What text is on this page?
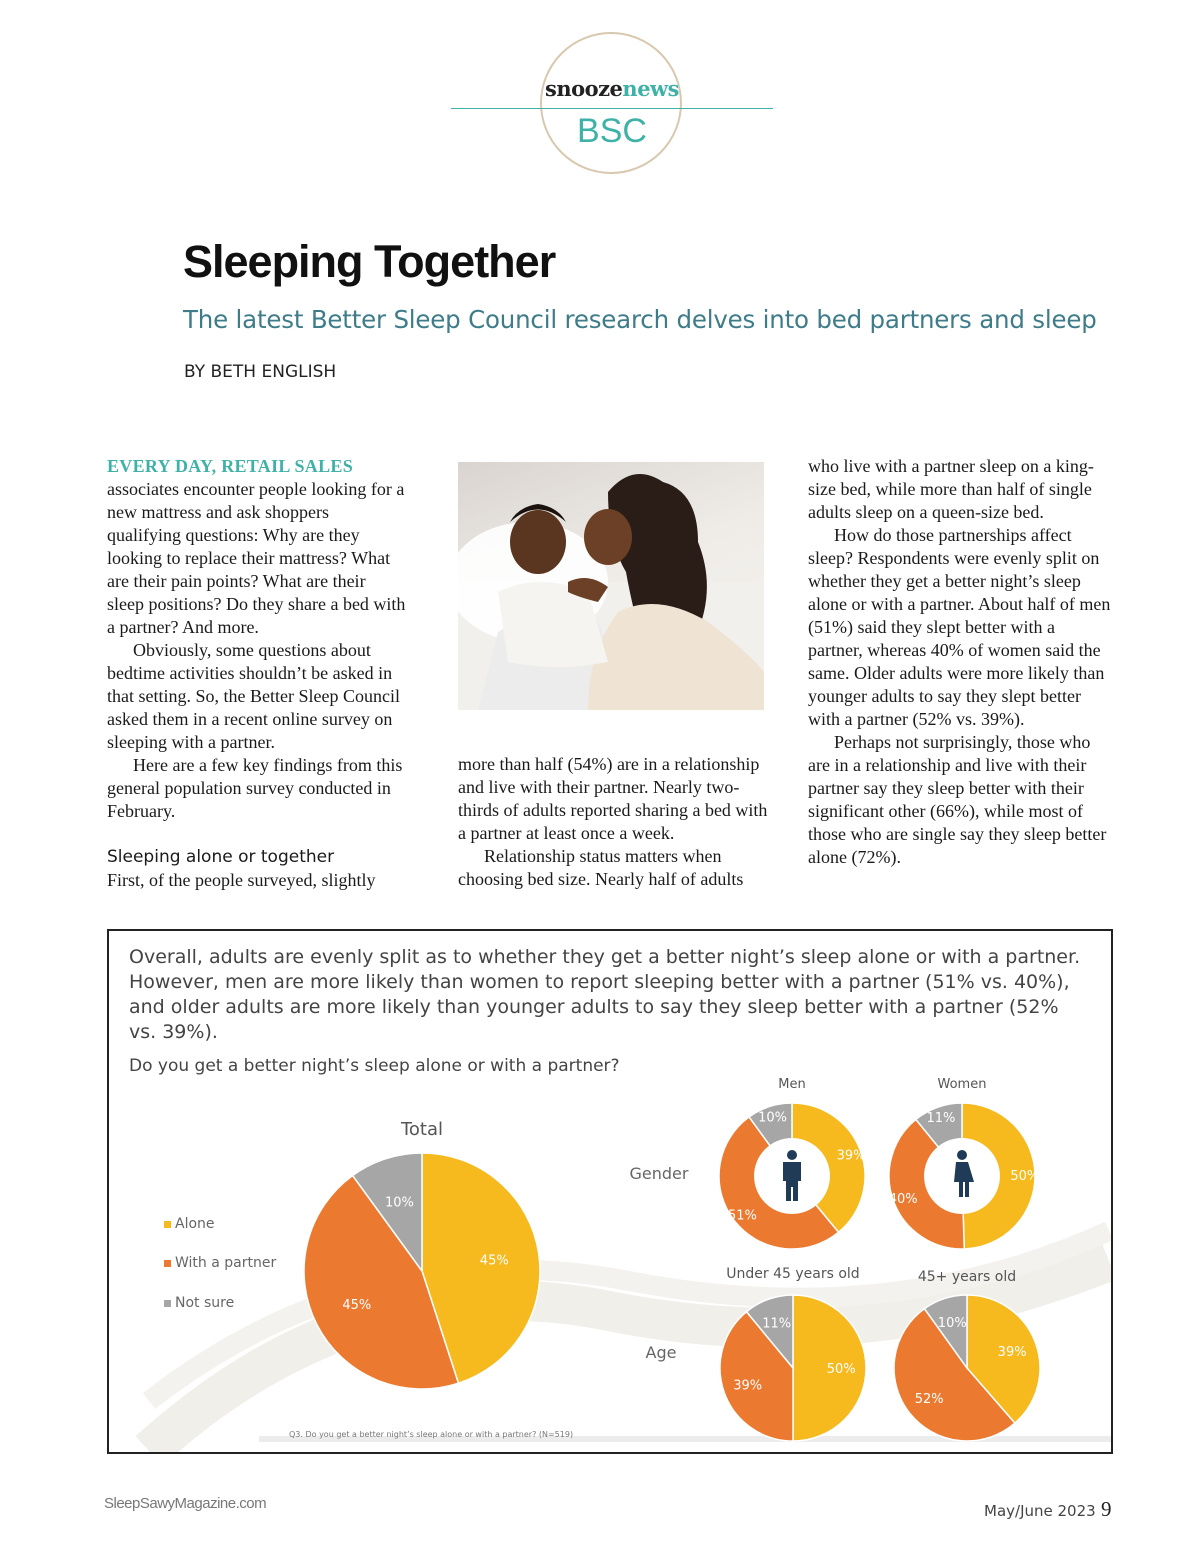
snoozenews
BSC
Sleeping Together
The latest Better Sleep Council research delves into bed partners and sleep
BY BETH ENGLISH

EVERY DAY, RETAIL SALES
associates encounter people looking for a new mattress and ask shoppers qualifying questions: Why are they looking to replace their mattress? What are their pain points? What are their sleep positions? Do they share a bed with a partner? And more.

Obviously, some questions about bedtime activities shouldn’t be asked in that setting. So, the Better Sleep Council asked them in a recent online survey on sleeping with a partner.

Here are a few key findings from this general population survey conducted in February.

Sleeping alone or together

First, of the people surveyed, slightly

more than half (54%) are in a relationship and live with their partner. Nearly two-thirds of adults reported sharing a bed with a partner at least once a week.

Relationship status matters when choosing bed size. Nearly half of adults

who live with a partner sleep on a king-size bed, while more than half of single adults sleep on a queen-size bed.

How do those partnerships affect sleep? Respondents were evenly split on whether they get a better night’s sleep alone or with a partner. About half of men (51%) said they slept better with a partner, whereas 40% of women said the same. Older adults were more likely than younger adults to say they slept better with a partner (52% vs. 39%).

Perhaps not surprisingly, those who are in a relationship and live with their partner say they sleep better with their significant other (66%), while most of those who are single say they sleep better alone (72%).

Alone
With a partner
Not sure
Gender
Age
45%
45%
10%
Total
39%
51%
10%
Men
50%
40%
11%
Women
50%
39%
11%
Under 45 years old
39%
52%
10%
45+ years old
Q3. Do you get a better night’s sleep alone or with a partner? (N=519)
Overall, adults are evenly split as to whether they get a better night’s sleep alone or with a partner. However, men are more likely than women to report sleeping better with a partner (51% vs. 40%), and older adults are more likely than younger adults to say they sleep better with a partner (52% vs. 39%).
Do you get a better night’s sleep alone or with a partner?
SleepSawyMagazine.com	May/June 2023 9
